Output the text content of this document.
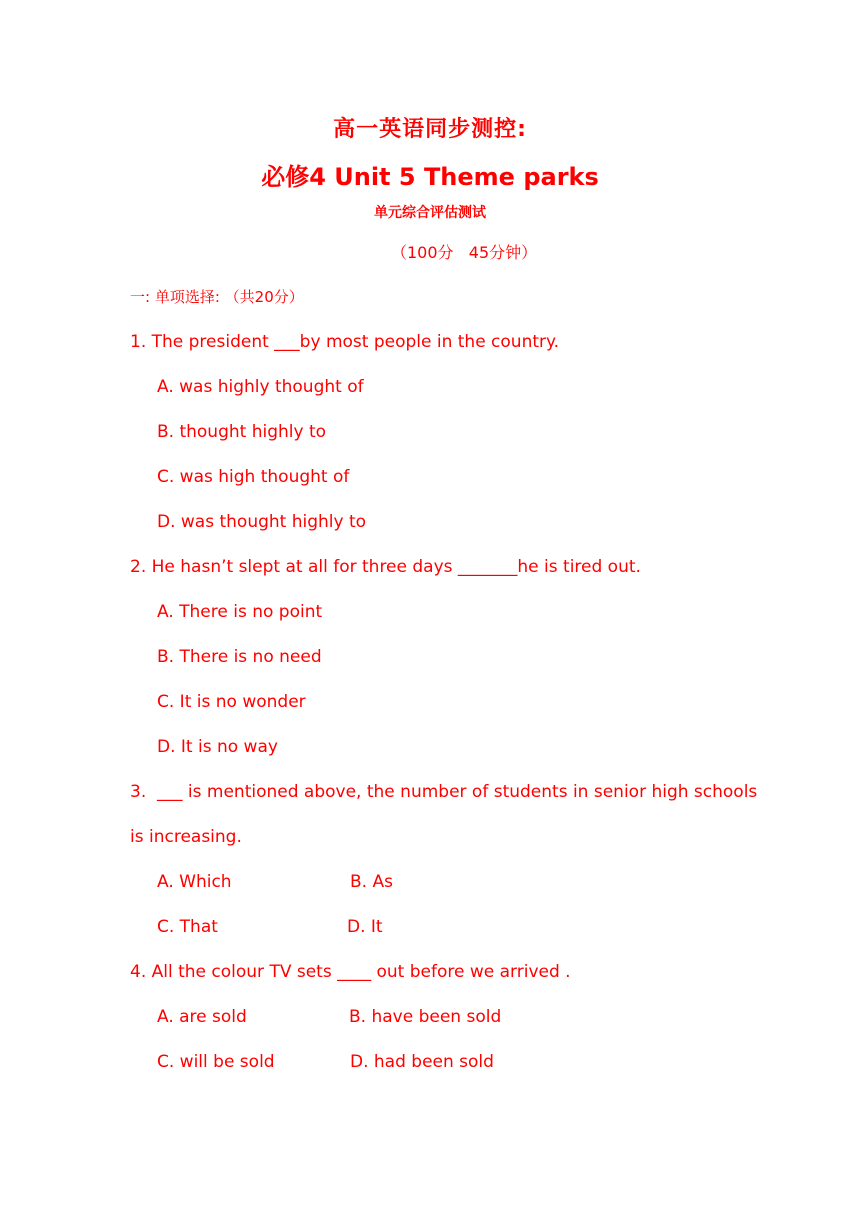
高一英语同步测控:
必修4 Unit 5 Theme parks
单元综合评估测试
（100分   45分钟）
一: 单项选择: （共20分）
1. The president ___by most people in the country.
A. was highly thought of
B. thought highly to
C. was high thought of
D. was thought highly to
2. He hasn’t slept at all for three days _______he is tired out.
A. There is no point
B. There is no need
C. It is no wonder
D. It is no way
3.  ___ is mentioned above, the number of students in senior high schools
is increasing.
A. Which	B. As
C. That	D. It
4. All the colour TV sets ____ out before we arrived .
A. are sold	B. have been sold
C. will be sold	D. had been sold
